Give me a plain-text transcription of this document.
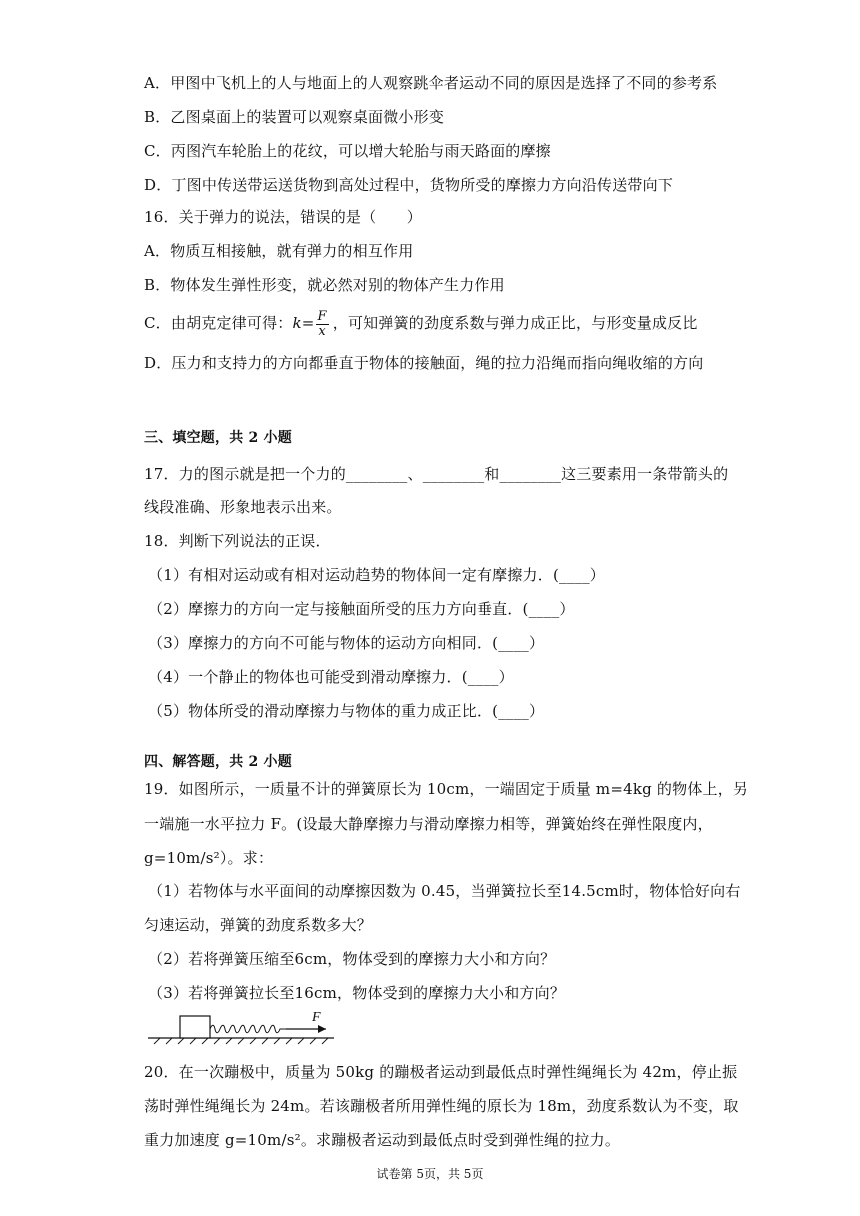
A．甲图中飞机上的人与地面上的人观察跳伞者运动不同的原因是选择了不同的参考系
B．乙图桌面上的装置可以观察桌面微小形变
C．丙图汽车轮胎上的花纹，可以增大轮胎与雨天路面的摩擦
D．丁图中传送带运送货物到高处过程中，货物所受的摩擦力方向沿传送带向下
16．关于弹力的说法，错误的是（　　）
A．物质互相接触，就有弹力的相互作用
B．物体发生弹性形变，就必然对别的物体产生力作用
C．由胡克定律可得：$k= \frac{F}{x}$ ，可知弹簧的劲度系数与弹力成正比，与形变量成反比
D．压力和支持力的方向都垂直于物体的接触面，绳的拉力沿绳而指向绳收缩的方向
三、填空题，共 2 小题
17．力的图示就是把一个力的________、________和________这三要素用一条带箭头的
线段准确、形象地表示出来。
18．判断下列说法的正误．
（1）有相对运动或有相对运动趋势的物体间一定有摩擦力．(____）
（2）摩擦力的方向一定与接触面所受的压力方向垂直．(____）
（3）摩擦力的方向不可能与物体的运动方向相同．(____）
（4）一个静止的物体也可能受到滑动摩擦力．(____）
（5）物体所受的滑动摩擦力与物体的重力成正比．(____）
四、解答题，共 2 小题
19．如图所示，一质量不计的弹簧原长为 10cm，一端固定于质量 m=4kg 的物体上，另
一端施一水平拉力 F。(设最大静摩擦力与滑动摩擦力相等，弹簧始终在弹性限度内，
g=10m/s²）。求：
（1）若物体与水平面间的动摩擦因数为 0.45，当弹簧拉长至14.5cm时，物体恰好向右
匀速运动，弹簧的劲度系数多大？
（2）若将弹簧压缩至6cm，物体受到的摩擦力大小和方向？
（3）若将弹簧拉长至16cm，物体受到的摩擦力大小和方向？
F
20．在一次蹦极中，质量为 50kg 的蹦极者运动到最低点时弹性绳绳长为 42m，停止振
荡时弹性绳绳长为 24m。若该蹦极者所用弹性绳的原长为 18m，劲度系数认为不变，取
重力加速度 g=10m/s²。求蹦极者运动到最低点时受到弹性绳的拉力。
试卷第 5页，共 5页
